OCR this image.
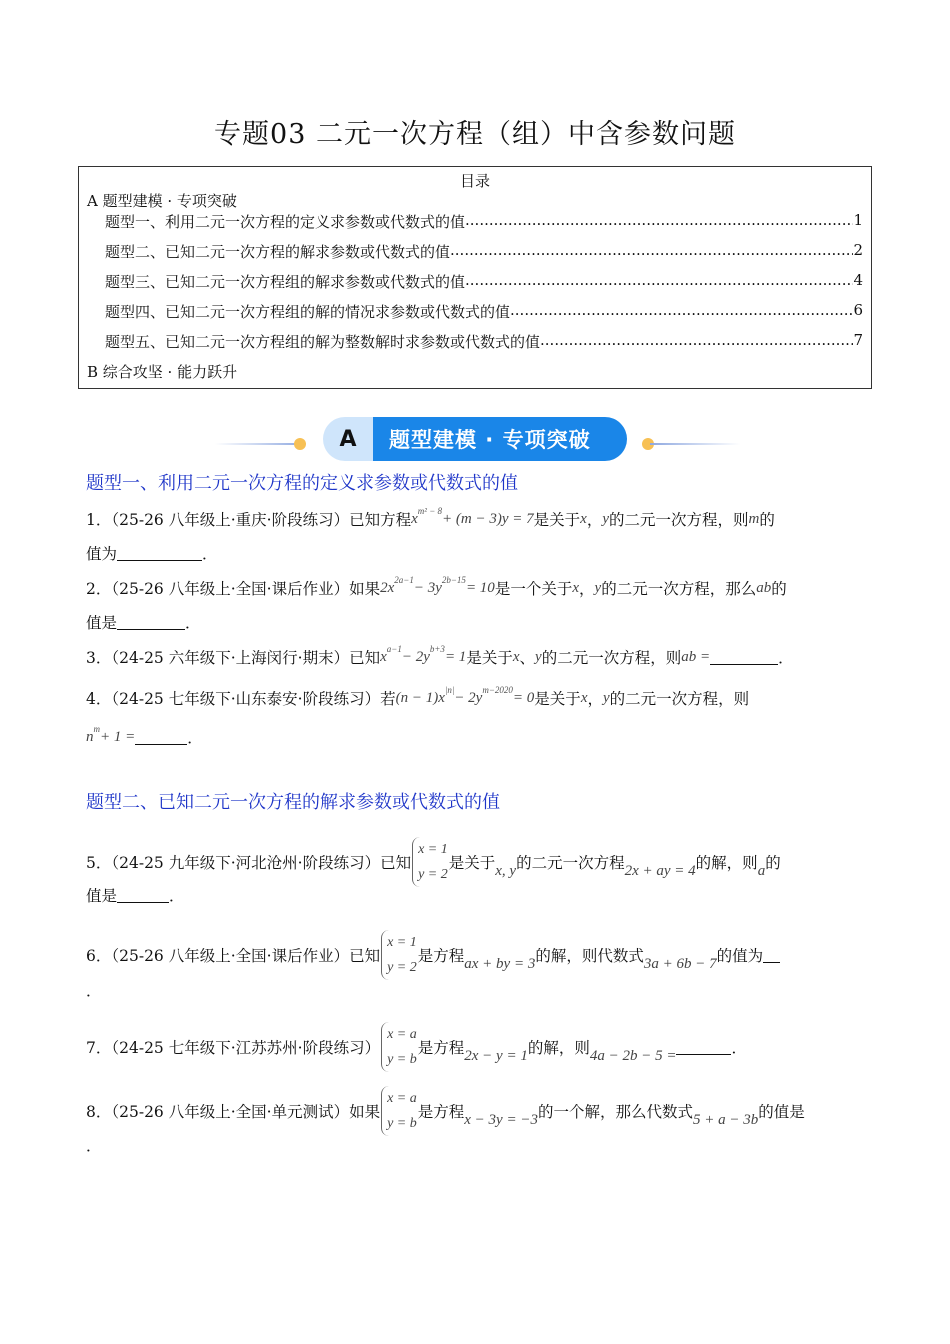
专题03 二元一次方程（组）中含参数问题
目录
A 题型建模 · 专项突破
题型一、利用二元一次方程的定义求参数或代数式的值 .....	1
题型二、已知二元一次方程的解求参数或代数式的值 .....	2
题型三、已知二元一次方程组的解求参数或代数式的值 .....	4
题型四、已知二元一次方程组的解的情况求参数或代数式的值 .....	6
题型五、已知二元一次方程组的解为整数解时求参数或代数式的值 .....	7
B 综合攻坚 · 能力跃升
A	题型建模 · 专项突破
题型一、利用二元一次方程的定义求参数或代数式的值
题型二、已知二元一次方程的解求参数或代数式的值
1．（25-26 八年级上·重庆·阶段练习）已知方程 x m² − 8 + (m − 3)y = 7 是关于 x ， y 的二元一次方程，则 m 的
值为	．
2．（25-26 八年级上·全国·课后作业）如果 2x 2a−1 − 3y 2b−15 = 10 是一个关于 x ， y 的二元一次方程，那么 ab 的
值是	．
3．（24-25 六年级下·上海闵行·期末）已知 x a−1 − 2y b+3 = 1 是关于 x 、 y 的二元一次方程，则 ab =	．
4．（24-25 七年级下·山东泰安·阶段练习）若 (n − 1)x |n| − 2y m−2020 = 0 是关于 x ， y 的二元一次方程，则
n m + 1 =	．
5．（24-25 九年级下·河北沧州·阶段练习）已知
x = 1
y = 2
是关于 x, y 的二元一次方程 2x + ay = 4 的解，则 a 的
值是	．
6．（25-26 八年级上·全国·课后作业）已知
x = 1
y = 2
是方程 ax + by = 3 的解，则代数式 3a + 6b − 7 的值为
．
7．（24-25 七年级下·江苏苏州·阶段练习）
x = a
y = b
是方程 2x − y = 1 的解，则 4a − 2b − 5 =	．
8．（25-26 八年级上·全国·单元测试）如果
x = a
y = b
是方程 x − 3y = −3 的一个解，那么代数式 5 + a − 3b 的值是
．
